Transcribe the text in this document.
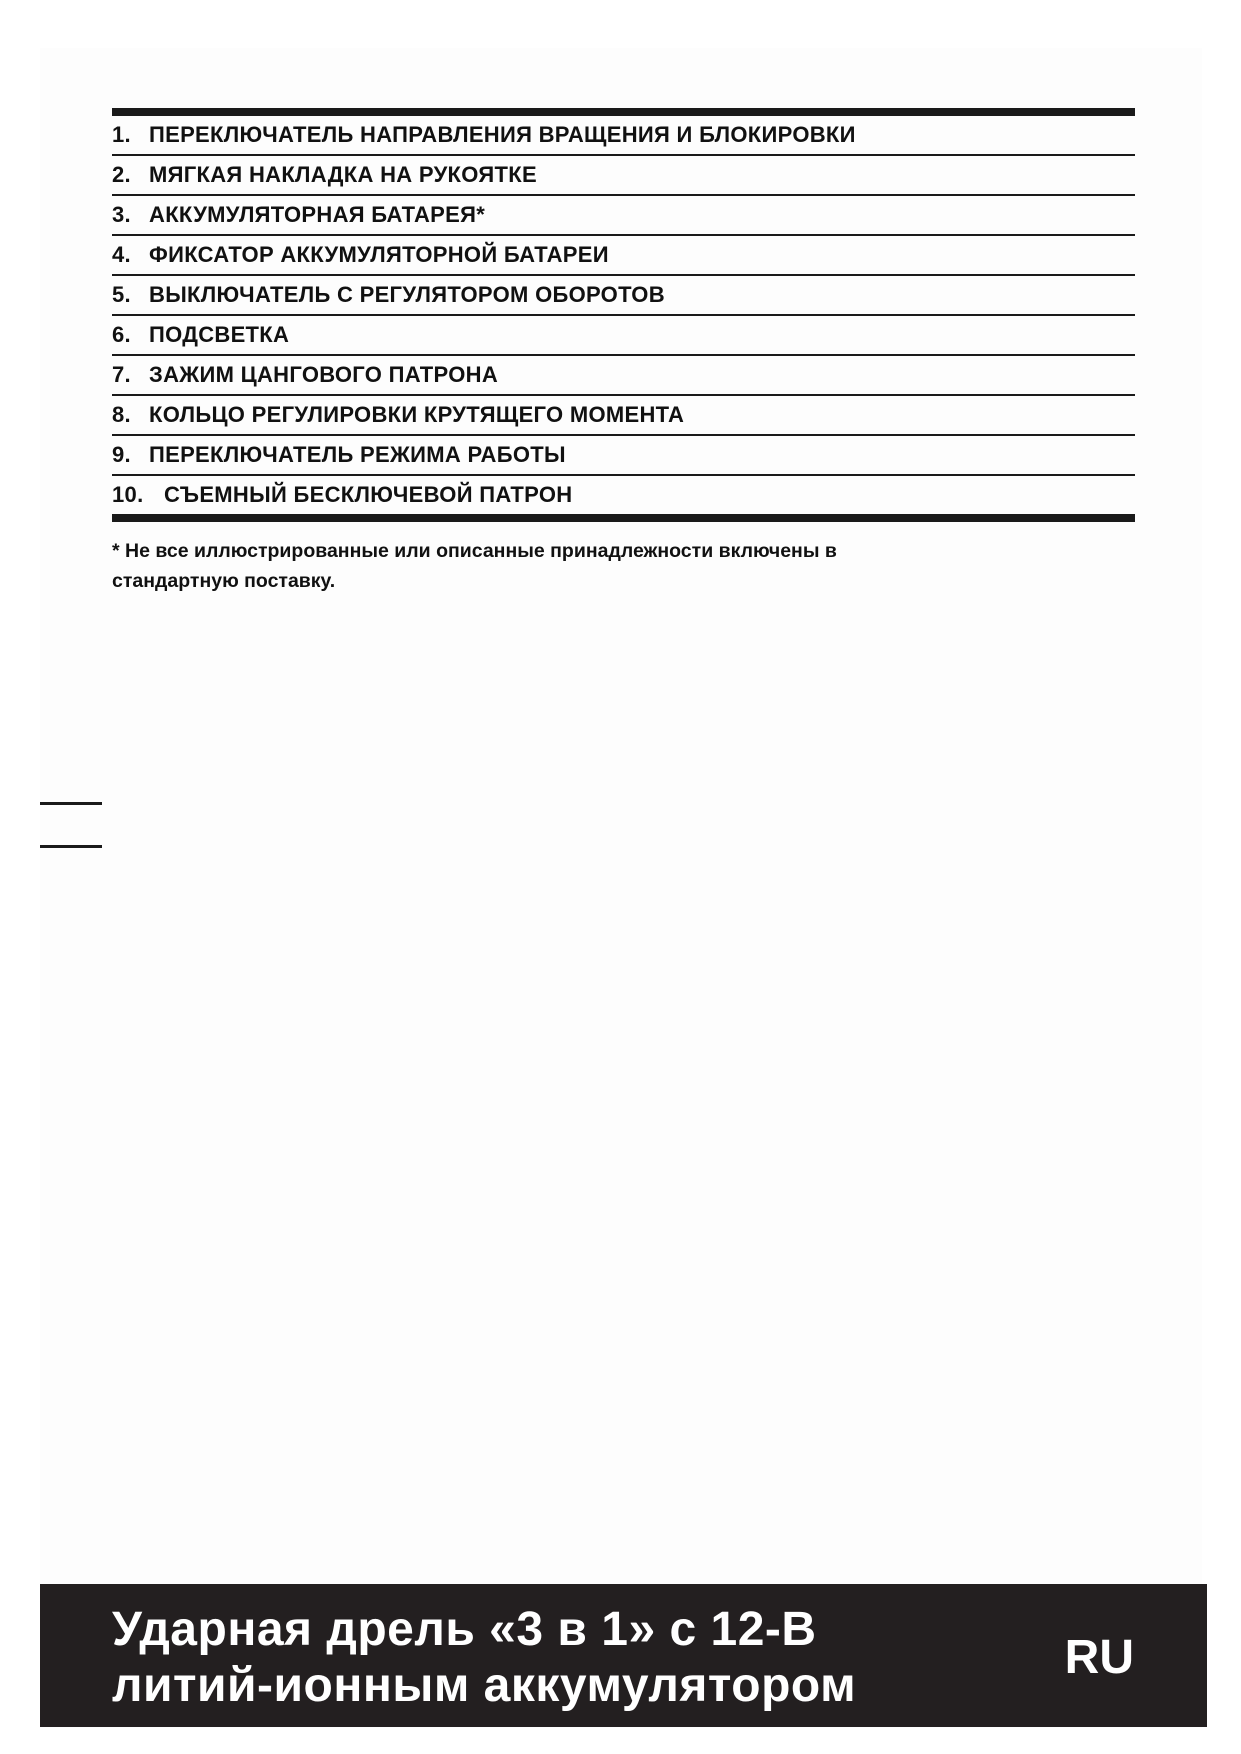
1. ПЕРЕКЛЮЧАТЕЛЬ НАПРАВЛЕНИЯ ВРАЩЕНИЯ И БЛОКИРОВКИ
2. МЯГКАЯ НАКЛАДКА НА РУКОЯТКЕ
3. АККУМУЛЯТОРНАЯ БАТАРЕЯ*
4. ФИКСАТОР АККУМУЛЯТОРНОЙ БАТАРЕИ
5. ВЫКЛЮЧАТЕЛЬ С РЕГУЛЯТОРОМ ОБОРОТОВ
6. ПОДСВЕТКА
7. ЗАЖИМ ЦАНГОВОГО ПАТРОНА
8. КОЛЬЦО РЕГУЛИРОВКИ КРУТЯЩЕГО МОМЕНТА
9. ПЕРЕКЛЮЧАТЕЛЬ РЕЖИМА РАБОТЫ
10. СЪЕМНЫЙ БЕСКЛЮЧЕВОЙ ПАТРОН
* Не все иллюстрированные или описанные принадлежности включены в
стандартную поставку.
Ударная дрель «3 в 1» с 12-В
литий-ионным аккумулятором
RU
